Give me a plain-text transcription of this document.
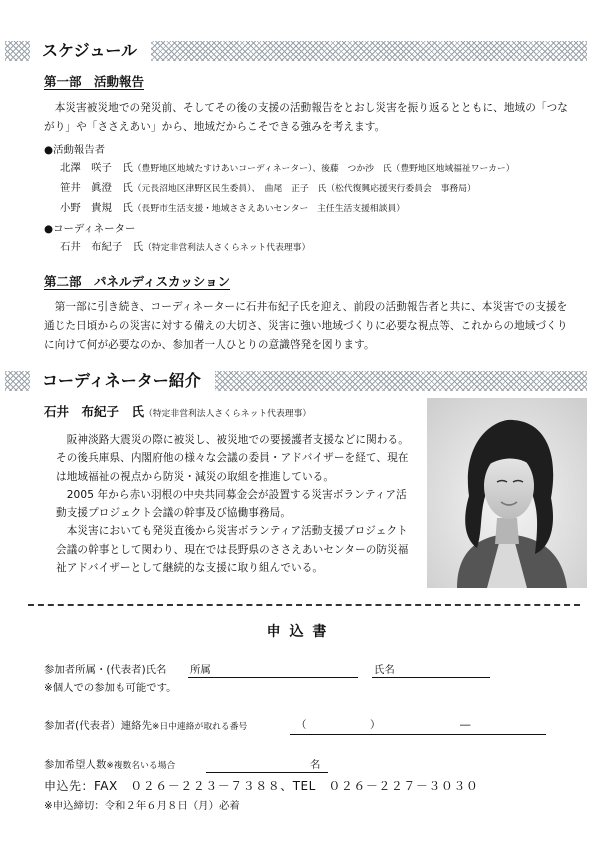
スケジュール
第一部　活動報告
　本災害被災地での発災前、そしてその後の支援の活動報告をとおし災害を振り返るとともに、地域の「つながり」や「ささえあい」から、地域だからこそできる強みを考えます。
●活動報告者
北澤　咲子　氏（豊野地区地域たすけあいコーディネーター）、後藤　つか沙　氏（豊野地区地域福祉ワーカー）
笹井　眞澄　氏（元長沼地区津野区民生委員）、　曲尾　正子　氏（松代復興応援実行委員会　事務局）
小野　貴規　氏（長野市生活支援・地域ささえあいセンター　主任生活支援相談員）
●コーディネーター
石井　布紀子　氏（特定非営利法人さくらネット代表理事）
第二部　パネルディスカッション
　第一部に引き続き、コーディネーターに石井布紀子氏を迎え、前段の活動報告者と共に、本災害での支援を通じた日頃からの災害に対する備えの大切さ、災害に強い地域づくりに必要な視点等、これからの地域づくりに向けて何が必要なのか、参加者一人ひとりの意識啓発を図ります。
コーディネーター紹介
石井　布紀子　氏（特定非営利法人さくらネット代表理事）
　阪神淡路大震災の際に被災し、被災地での要援護者支援などに関わる。その後兵庫県、内閣府他の様々な会議の委員・アドバイザーを経て、現在は地域福祉の視点から防災・減災の取組を推進している。
　2005 年から赤い羽根の中央共同募金会が設置する災害ボランティア活動支援プロジェクト会議の幹事及び協働事務局。
　本災害においても発災直後から災害ボランティア活動支援プロジェクト会議の幹事として関わり、現在では長野県のささえあいセンターの防災福祉アドバイザーとして継続的な支援に取り組んでいる。
申 込 書
参加者所属・(代表者)氏名 所属	氏名
※個人での参加も可能です。
参加者(代表者）連絡先※日中連絡が取れる番号	（	）	―
参加希望人数※複数名いる場合	名
申込先：FAX　０２６－２２３－７３８８、TEL　０２６－２２７－３０３０
※申込締切：令和２年６月８日（月）必着
